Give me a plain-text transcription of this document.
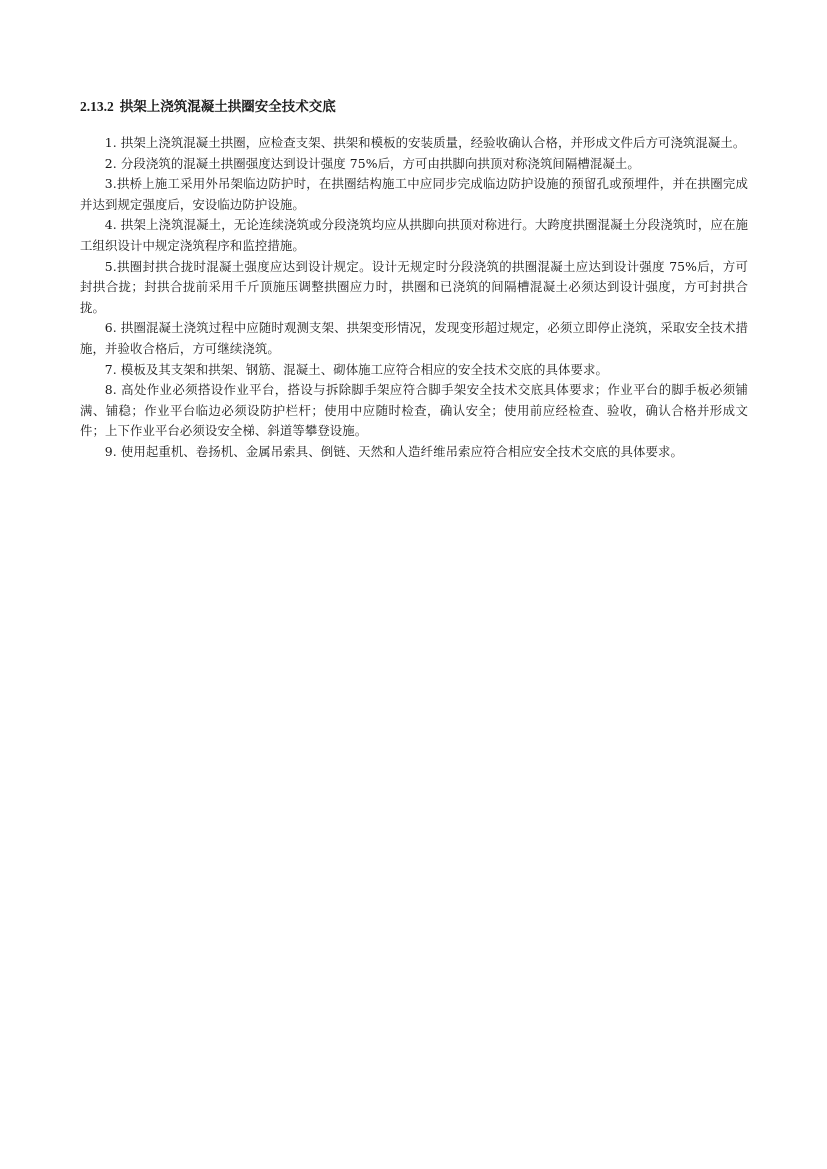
2.13.2 拱架上浇筑混凝土拱圈安全技术交底

1. 拱架上浇筑混凝土拱圈，应检查支架、拱架和模板的安装质量，经验收确认合格，并形成文件后方可浇筑混凝土。

2. 分段浇筑的混凝土拱圈强度达到设计强度 75%后，方可由拱脚向拱顶对称浇筑间隔槽混凝土。

3.拱桥上施工采用外吊架临边防护时，在拱圈结构施工中应同步完成临边防护设施的预留孔或预埋件，并在拱圈完成并达到规定强度后，安设临边防护设施。

4. 拱架上浇筑混凝土，无论连续浇筑或分段浇筑均应从拱脚向拱顶对称进行。大跨度拱圈混凝土分段浇筑时，应在施工组织设计中规定浇筑程序和监控措施。

5.拱圈封拱合拢时混凝土强度应达到设计规定。设计无规定时分段浇筑的拱圈混凝土应达到设计强度 75%后，方可封拱合拢；封拱合拢前采用千斤顶施压调整拱圈应力时，拱圈和已浇筑的间隔槽混凝土必须达到设计强度，方可封拱合拢。

6. 拱圈混凝土浇筑过程中应随时观测支架、拱架变形情况，发现变形超过规定，必须立即停止浇筑，采取安全技术措施，并验收合格后，方可继续浇筑。

7. 模板及其支架和拱架、钢筋、混凝土、砌体施工应符合相应的安全技术交底的具体要求。

8. 高处作业必须搭设作业平台，搭设与拆除脚手架应符合脚手架安全技术交底具体要求；作业平台的脚手板必须铺满、铺稳；作业平台临边必须设防护栏杆；使用中应随时检查，确认安全；使用前应经检查、验收，确认合格并形成文件；上下作业平台必须设安全梯、斜道等攀登设施。

9. 使用起重机、卷扬机、金属吊索具、倒链、天然和人造纤维吊索应符合相应安全技术交底的具体要求。
